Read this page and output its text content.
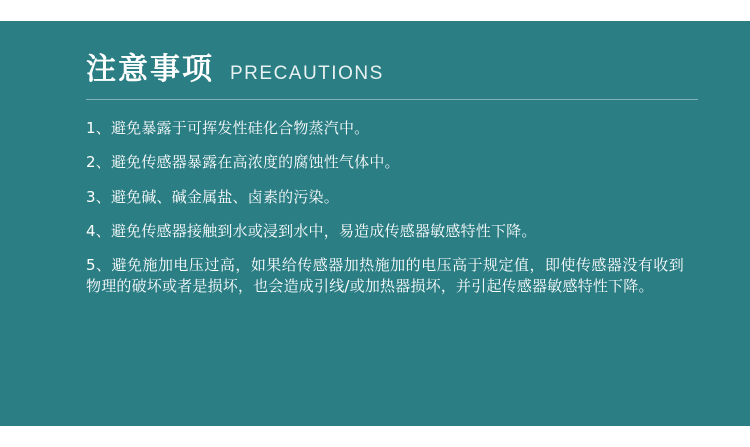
注意事项 PRECAUTIONS
1、避免暴露于可挥发性硅化合物蒸汽中。
2、避免传感器暴露在高浓度的腐蚀性气体中。
3、避免碱、碱金属盐、卤素的污染。
4、避免传感器接触到水或浸到水中，易造成传感器敏感特性下降。
5、避免施加电压过高，如果给传感器加热施加的电压高于规定值，即使传感器没有收到物理的破坏或者是损坏，也会造成引线/或加热器损坏，并引起传感器敏感特性下降。
